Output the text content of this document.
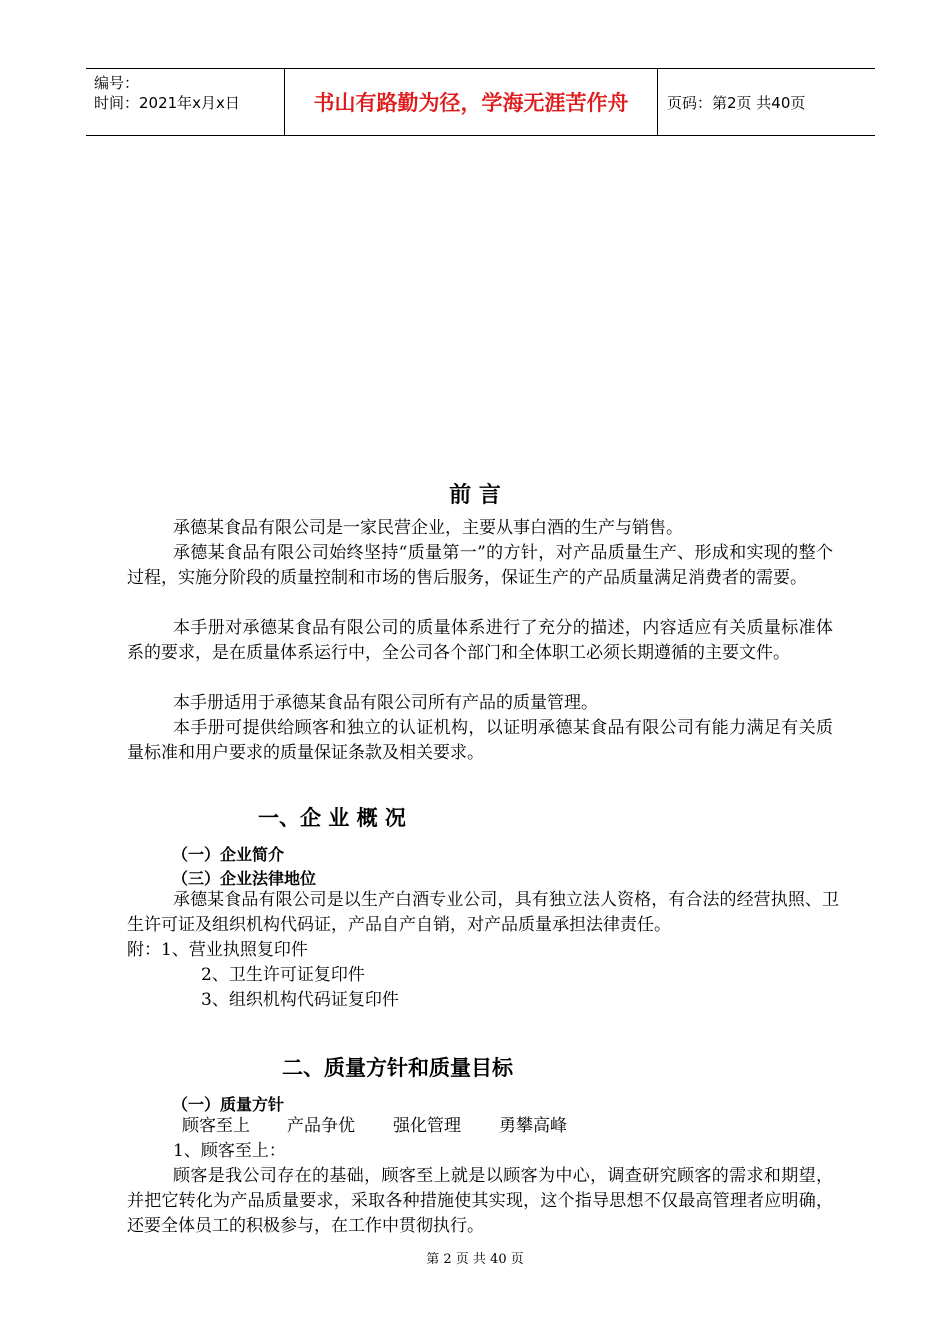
编号：
时间：2021年x月x日	书山有路勤为径，学海无涯苦作舟	页码：第2页 共40页
前 言
承德某食品有限公司是一家民营企业，主要从事白酒的生产与销售。
承德某食品有限公司始终坚持“质量第一”的方针，对产品质量生产、形成和实现的整个过程，实施分阶段的质量控制和市场的售后服务，保证生产的产品质量满足消费者的需要。
本手册对承德某食品有限公司的质量体系进行了充分的描述，内容适应有关质量标准体系的要求，是在质量体系运行中，全公司各个部门和全体职工必须长期遵循的主要文件。
本手册适用于承德某食品有限公司所有产品的质量管理。
本手册可提供给顾客和独立的认证机构，以证明承德某食品有限公司有能力满足有关质量标准和用户要求的质量保证条款及相关要求。
一、企 业 概 况
（一）企业简介
（三）企业法律地位
承德某食品有限公司是以生产白酒专业公司，具有独立法人资格，有合法的经营执照、卫生许可证及组织机构代码证，产品自产自销，对产品质量承担法律责任。
附：1、营业执照复印件
2、卫生许可证复印件
3、组织机构代码证复印件
二、质量方针和质量目标
（一）质量方针
顾客至上 产品争优 强化管理 勇攀高峰
1、顾客至上：
顾客是我公司存在的基础，顾客至上就是以顾客为中心，调查研究顾客的需求和期望，并把它转化为产品质量要求，采取各种措施使其实现，这个指导思想不仅最高管理者应明确，还要全体员工的积极参与，在工作中贯彻执行。
第 2 页 共 40 页
